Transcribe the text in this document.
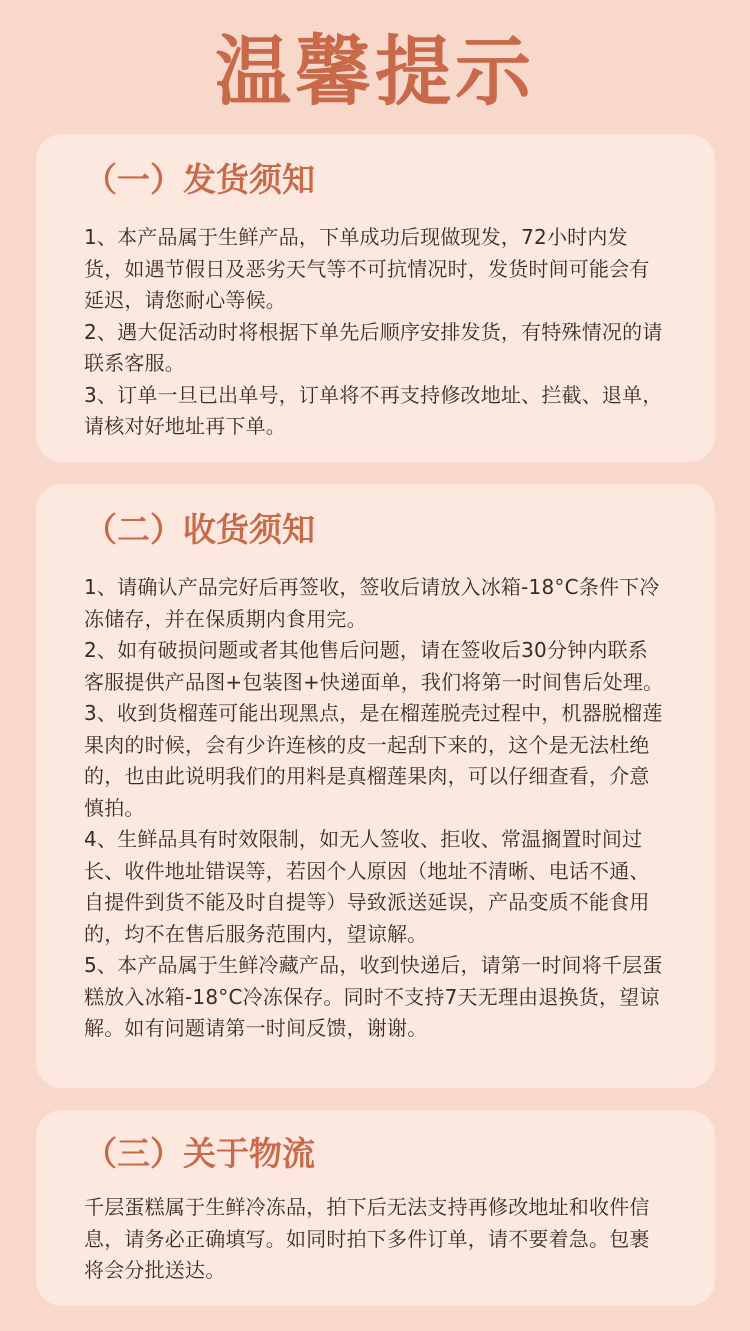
温馨提示
（一）发货须知

1、本产品属于生鲜产品，下单成功后现做现发，72小时内发货，如遇节假日及恶劣天气等不可抗情况时，发货时间可能会有延迟，请您耐心等候。

2、遇大促活动时将根据下单先后顺序安排发货，有特殊情况的请联系客服。

3、订单一旦已出单号，订单将不再支持修改地址、拦截、退单，请核对好地址再下单。

（二）收货须知

1、请确认产品完好后再签收，签收后请放入冰箱-18°C条件下冷冻储存，并在保质期内食用完。

2、如有破损问题或者其他售后问题，请在签收后30分钟内联系客服提供产品图+包装图+快递面单，我们将第一时间售后处理。

3、收到货榴莲可能出现黑点，是在榴莲脱壳过程中，机器脱榴莲果肉的时候，会有少许连核的皮一起刮下来的，这个是无法杜绝的，也由此说明我们的用料是真榴莲果肉，可以仔细查看，介意慎拍。

4、生鲜品具有时效限制，如无人签收、拒收、常温搁置时间过长、收件地址错误等，若因个人原因（地址不清晰、电话不通、自提件到货不能及时自提等）导致派送延误，产品变质不能食用的，均不在售后服务范围内，望谅解。

5、本产品属于生鲜冷藏产品，收到快递后，请第一时间将千层蛋糕放入冰箱-18°C冷冻保存。同时不支持7天无理由退换货，望谅解。如有问题请第一时间反馈，谢谢。

（三）关于物流

千层蛋糕属于生鲜冷冻品，拍下后无法支持再修改地址和收件信息，请务必正确填写。如同时拍下多件订单，请不要着急。包裹将会分批送达。
